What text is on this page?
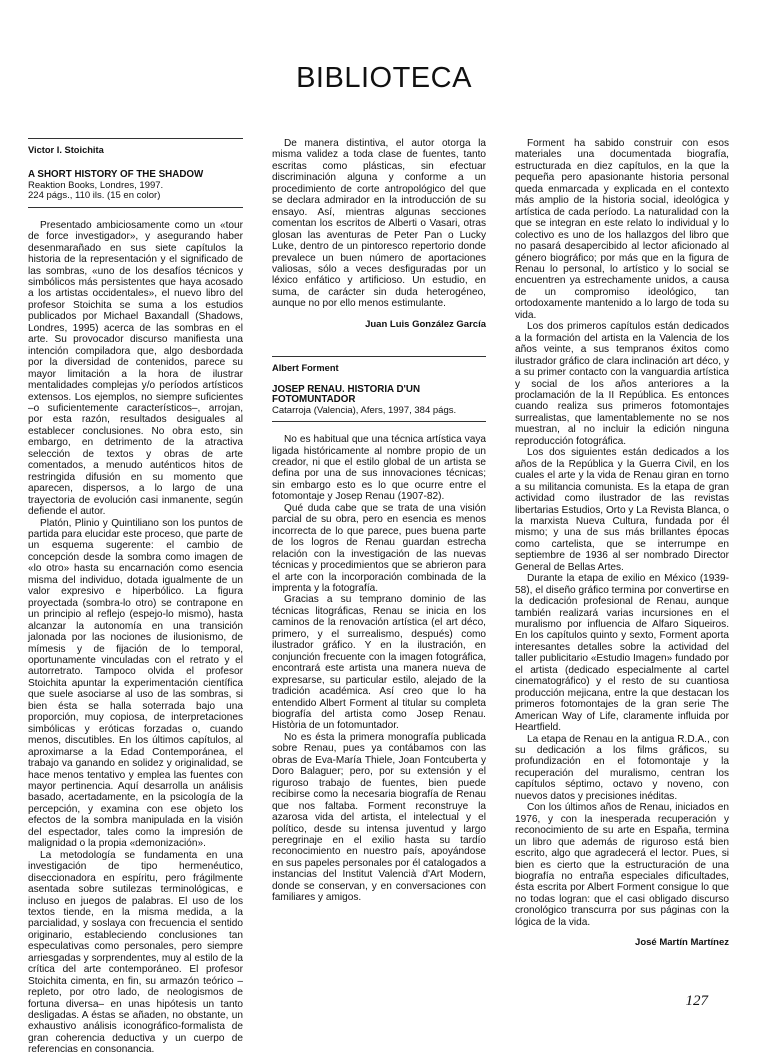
BIBLIOTECA
Victor I. Stoichita
A SHORT HISTORY OF THE SHADOW
Reaktion Books, Londres, 1997.
224 págs., 110 ils. (15 en color)

Presentado ambiciosamente como un «tour de force investigador», y asegurando haber desenmarañado en sus siete capítulos la historia de la representación y el significado de las sombras, «uno de los desafíos técnicos y simbólicos más persistentes que haya acosado a los artistas occidentales», el nuevo libro del profesor Stoichita se suma a los estudios publicados por Michael Baxandall (Shadows, Londres, 1995) acerca de las sombras en el arte. Su provocador discurso manifiesta una intención compiladora que, algo desbordada por la diversidad de contenidos, parece su mayor limitación a la hora de ilustrar mentalidades complejas y/o períodos artísticos extensos. Los ejemplos, no siempre suficientes –o suficientemente característicos–, arrojan, por esta razón, resultados desiguales al establecer conclusiones. No obra esto, sin embargo, en detrimento de la atractiva selección de textos y obras de arte comentados, a menudo auténticos hitos de restringida difusión en su momento que aparecen, dispersos, a lo largo de una trayectoria de evolución casi inmanente, según defiende el autor.

Platón, Plinio y Quintiliano son los puntos de partida para elucidar este proceso, que parte de un esquema sugerente: el cambio de concepción desde la sombra como imagen de «lo otro» hasta su encarnación como esencia misma del individuo, dotada igualmente de un valor expresivo e hiperbólico. La figura proyectada (sombra-lo otro) se contrapone en un principio al reflejo (espejo-lo mismo), hasta alcanzar la autonomía en una transición jalonada por las nociones de ilusionismo, de mímesis y de fijación de lo temporal, oportunamente vinculadas con el retrato y el autorretrato. Tampoco olvida el profesor Stoichita apuntar la experimentación científica que suele asociarse al uso de las sombras, si bien ésta se halla soterrada bajo una proporción, muy copiosa, de interpretaciones simbólicas y eróticas forzadas o, cuando menos, discutibles. En los últimos capítulos, al aproximarse a la Edad Contemporánea, el trabajo va ganando en solidez y originalidad, se hace menos tentativo y emplea las fuentes con mayor pertinencia. Aquí desarrolla un análisis basado, acertadamente, en la psicología de la percepción, y examina con ese objeto los efectos de la sombra manipulada en la visión del espectador, tales como la impresión de malignidad o la propia «demonización».

La metodología se fundamenta en una investigación de tipo hermenéutico, diseccionadora en espíritu, pero frágilmente asentada sobre sutilezas terminológicas, e incluso en juegos de palabras. El uso de los textos tiende, en la misma medida, a la parcialidad, y soslaya con frecuencia el sentido originario, estableciendo conclusiones tan especulativas como personales, pero siempre arriesgadas y sorprendentes, muy al estilo de la crítica del arte contemporáneo. El profesor Stoichita cimenta, en fin, su armazón teórico –repleto, por otro lado, de neologismos de fortuna diversa– en unas hipótesis un tanto desligadas. A éstas se añaden, no obstante, un exhaustivo análisis iconográfico-formalista de gran coherencia deductiva y un cuerpo de referencias en consonancia.

De manera distintiva, el autor otorga la misma validez a toda clase de fuentes, tanto escritas como plásticas, sin efectuar discriminación alguna y conforme a un procedimiento de corte antropológico del que se declara admirador en la introducción de su ensayo. Así, mientras algunas secciones comentan los escritos de Alberti o Vasari, otras glosan las aventuras de Peter Pan o Lucky Luke, dentro de un pintoresco repertorio donde prevalece un buen número de aportaciones valiosas, sólo a veces desfiguradas por un léxico enfático y artificioso. Un estudio, en suma, de carácter sin duda heterogéneo, aunque no por ello menos estimulante.

Juan Luis González García
Albert Forment
JOSEP RENAU. HISTORIA D'UN FOTOMUNTADOR
Catarroja (Valencia), Afers, 1997, 384 págs.

No es habitual que una técnica artística vaya ligada históricamente al nombre propio de un creador, ni que el estilo global de un artista se defina por una de sus innovaciones técnicas; sin embargo esto es lo que ocurre entre el fotomontaje y Josep Renau (1907-82).

Qué duda cabe que se trata de una visión parcial de su obra, pero en esencia es menos incorrecta de lo que parece, pues buena parte de los logros de Renau guardan estrecha relación con la investigación de las nuevas técnicas y procedimientos que se abrieron para el arte con la incorporación combinada de la imprenta y la fotografía.

Gracias a su temprano dominio de las técnicas litográficas, Renau se inicia en los caminos de la renovación artística (el art déco, primero, y el surrealismo, después) como ilustrador gráfico. Y en la ilustración, en conjunción frecuente con la imagen fotográfica, encontrará este artista una manera nueva de expresarse, su particular estilo, alejado de la tradición académica. Así creo que lo ha entendido Albert Forment al titular su completa biografía del artista como Josep Renau. Història de un fotomuntador.

No es ésta la primera monografía publicada sobre Renau, pues ya contábamos con las obras de Eva-María Thiele, Joan Fontcuberta y Doro Balaguer; pero, por su extensión y el riguroso trabajo de fuentes, bien puede recibirse como la necesaria biografía de Renau que nos faltaba. Forment reconstruye la azarosa vida del artista, el intelectual y el político, desde su intensa juventud y largo peregrinaje en el exilio hasta su tardío reconocimiento en nuestro país, apoyándose en sus papeles personales por él catalogados a instancias del Institut Valencià d'Art Modern, donde se conservan, y en conversaciones con familiares y amigos.

Forment ha sabido construir con esos materiales una documentada biografía, estructurada en diez capítulos, en la que la pequeña pero apasionante historia personal queda enmarcada y explicada en el contexto más amplio de la historia social, ideológica y artística de cada período. La naturalidad con la que se integran en este relato lo individual y lo colectivo es uno de los hallazgos del libro que no pasará desapercibido al lector aficionado al género biográfico; por más que en la figura de Renau lo personal, lo artístico y lo social se encuentren ya estrechamente unidos, a causa de un compromiso ideológico, tan ortodoxamente mantenido a lo largo de toda su vida.

Los dos primeros capítulos están dedicados a la formación del artista en la Valencia de los años veinte, a sus tempranos éxitos como ilustrador gráfico de clara inclinación art déco, y a su primer contacto con la vanguardia artística y social de los años anteriores a la proclamación de la II República. Es entonces cuando realiza sus primeros fotomontajes surrealistas, que lamentablemente no se nos muestran, al no incluir la edición ninguna reproducción fotográfica.

Los dos siguientes están dedicados a los años de la República y la Guerra Civil, en los cuales el arte y la vida de Renau giran en torno a su militancia comunista. Es la etapa de gran actividad como ilustrador de las revistas libertarias Estudios, Orto y La Revista Blanca, o la marxista Nueva Cultura, fundada por él mismo; y una de sus más brillantes épocas como cartelista, que se interrumpe en septiembre de 1936 al ser nombrado Director General de Bellas Artes.

Durante la etapa de exilio en México (1939-58), el diseño gráfico termina por convertirse en la dedicación profesional de Renau, aunque también realizará varias incursiones en el muralismo por influencia de Alfaro Siqueiros. En los capítulos quinto y sexto, Forment aporta interesantes detalles sobre la actividad del taller publicitario «Estudio Imagen» fundado por el artista (dedicado especialmente al cartel cinematográfico) y el resto de su cuantiosa producción mejicana, entre la que destacan los primeros fotomontajes de la gran serie The American Way of Life, claramente influida por Heartfield.

La etapa de Renau en la antigua R.D.A., con su dedicación a los films gráficos, su profundización en el fotomontaje y la recuperación del muralismo, centran los capítulos séptimo, octavo y noveno, con nuevos datos y precisiones inéditas.

Con los últimos años de Renau, iniciados en 1976, y con la inesperada recuperación y reconocimiento de su arte en España, termina un libro que además de riguroso está bien escrito, algo que agradecerá el lector. Pues, si bien es cierto que la estructuración de una biografía no entraña especiales dificultades, ésta escrita por Albert Forment consigue lo que no todas logran: que el casi obligado discurso cronológico transcurra por sus páginas con la lógica de la vida.

José Martín Martínez
127
